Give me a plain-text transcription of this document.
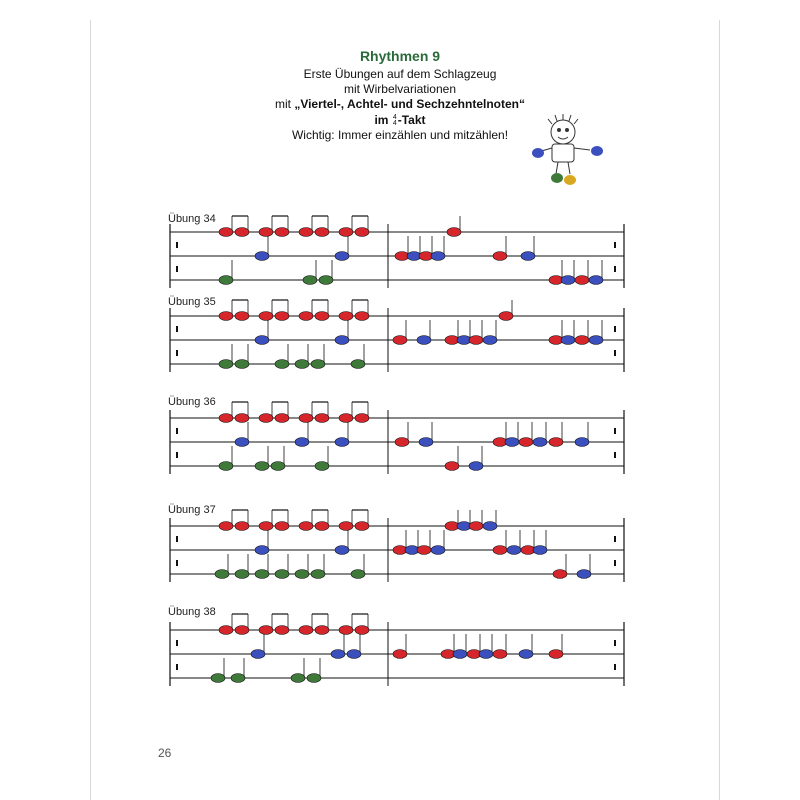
Rhythmen 9
Erste Übungen auf dem Schlagzeug
mit Wirbelvariationen
mit „Viertel-, Achtel- und Sechzehntelnoten“
im 4
4-Takt
Wichtig: Immer einzählen und mitzählen!
Übung 34
Übung 35
Übung 36
Übung 37
Übung 38
26
